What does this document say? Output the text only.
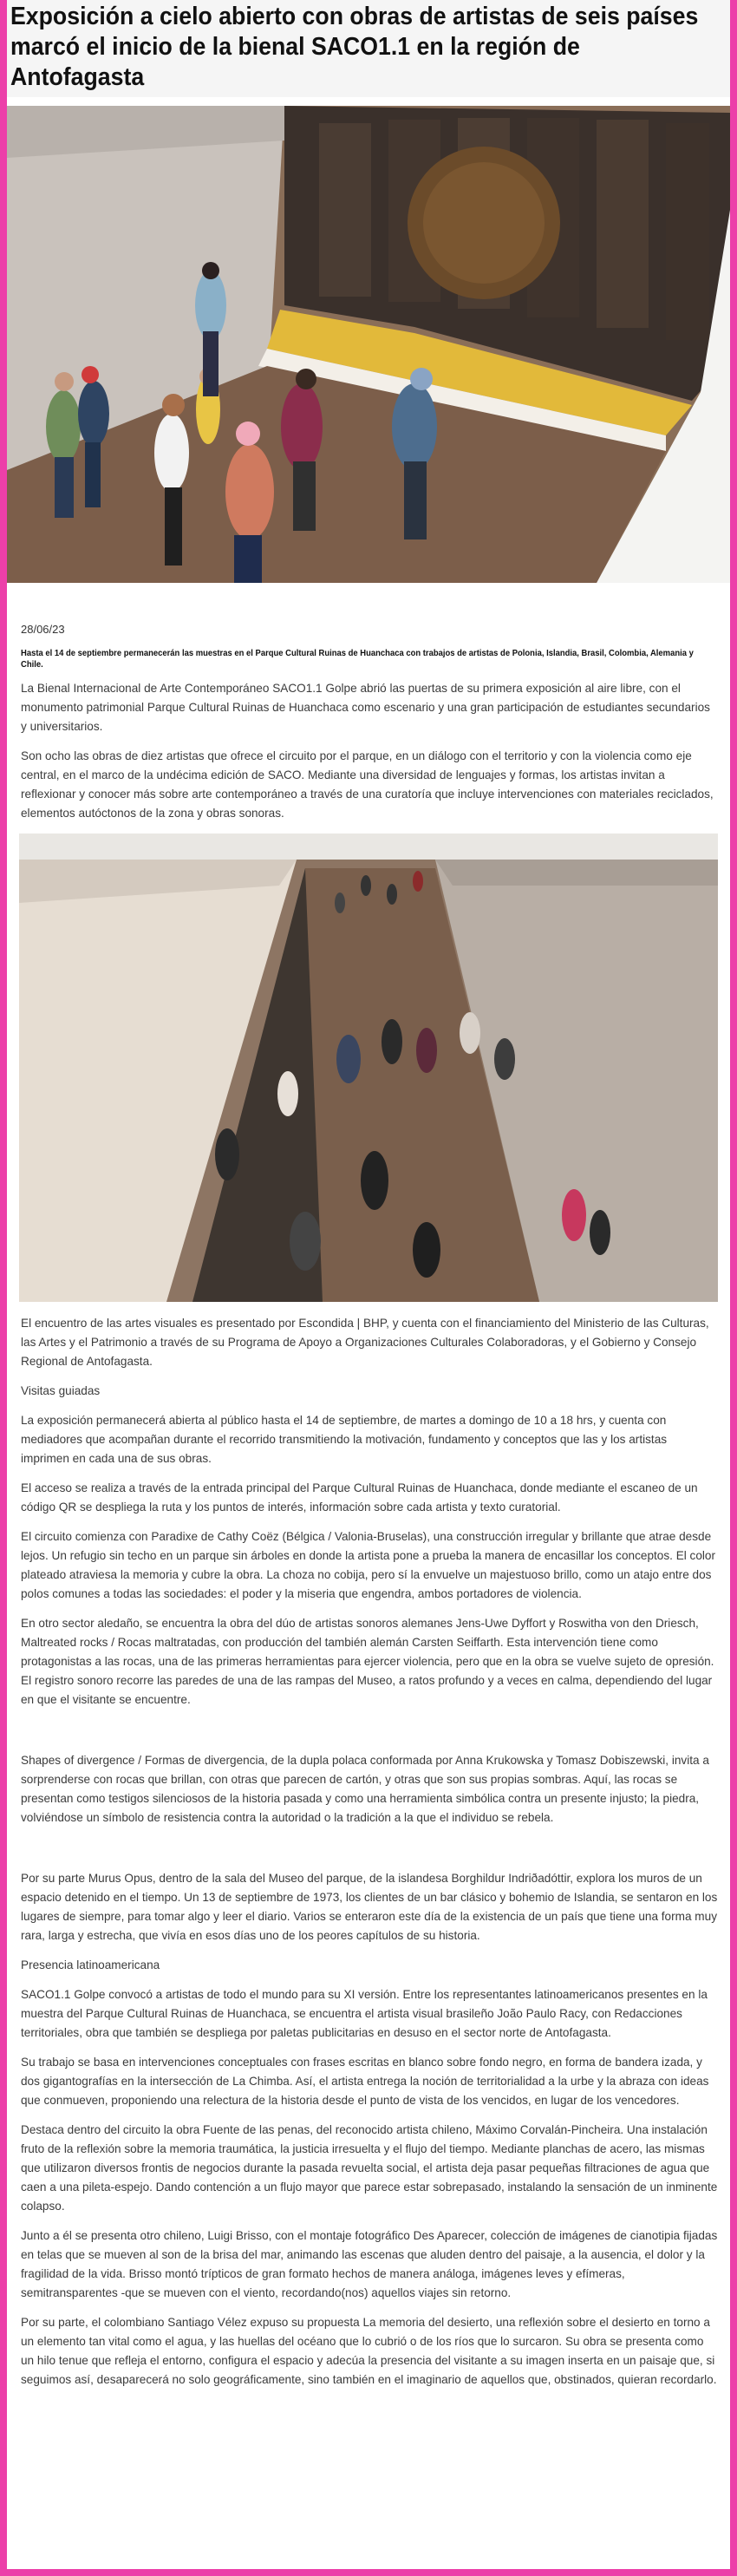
Exposición a cielo abierto con obras de artistas de seis países marcó el inicio de la bienal SACO1.1 en la región de Antofagasta
28/06/23

Hasta el 14 de septiembre permanecerán las muestras en el Parque Cultural Ruinas de Huanchaca con trabajos de artistas de Polonia, Islandia, Brasil, Colombia, Alemania y Chile.

La Bienal Internacional de Arte Contemporáneo SACO1.1 Golpe abrió las puertas de su primera exposición al aire libre, con el monumento patrimonial Parque Cultural Ruinas de Huanchaca como escenario y una gran participación de estudiantes secundarios y universitarios.

Son ocho las obras de diez artistas que ofrece el circuito por el parque, en un diálogo con el territorio y con la violencia como eje central, en el marco de la undécima edición de SACO. Mediante una diversidad de lenguajes y formas, los artistas invitan a reflexionar y conocer más sobre arte contemporáneo a través de una curatoría que incluye intervenciones con materiales reciclados, elementos autóctonos de la zona y obras sonoras.

El encuentro de las artes visuales es presentado por Escondida | BHP, y cuenta con el financiamiento del Ministerio de las Culturas, las Artes y el Patrimonio a través de su Programa de Apoyo a Organizaciones Culturales Colaboradoras, y el Gobierno y Consejo Regional de Antofagasta.

Visitas guiadas

La exposición permanecerá abierta al público hasta el 14 de septiembre, de martes a domingo de 10 a 18 hrs, y cuenta con mediadores que acompañan durante el recorrido transmitiendo la motivación, fundamento y conceptos que las y los artistas imprimen en cada una de sus obras.

El acceso se realiza a través de la entrada principal del Parque Cultural Ruinas de Huanchaca, donde mediante el escaneo de un código QR se despliega la ruta y los puntos de interés, información sobre cada artista y texto curatorial.

El circuito comienza con Paradixe de Cathy Coëz (Bélgica / Valonia-Bruselas), una construcción irregular y brillante que atrae desde lejos. Un refugio sin techo en un parque sin árboles en donde la artista pone a prueba la manera de encasillar los conceptos. El color plateado atraviesa la memoria y cubre la obra. La choza no cobija, pero sí la envuelve un majestuoso brillo, como un atajo entre dos polos comunes a todas las sociedades: el poder y la miseria que engendra, ambos portadores de violencia.

En otro sector aledaño, se encuentra la obra del dúo de artistas sonoros alemanes Jens-Uwe Dyffort y Roswitha von den Driesch, Maltreated rocks / Rocas maltratadas, con producción del también alemán Carsten Seiffarth. Esta intervención tiene como protagonistas a las rocas, una de las primeras herramientas para ejercer violencia, pero que en la obra se vuelve sujeto de opresión. El registro sonoro recorre las paredes de una de las rampas del Museo, a ratos profundo y a veces en calma, dependiendo del lugar en que el visitante se encuentre.

Shapes of divergence / Formas de divergencia, de la dupla polaca conformada por Anna Krukowska y Tomasz Dobiszewski, invita a sorprenderse con rocas que brillan, con otras que parecen de cartón, y otras que son sus propias sombras. Aquí, las rocas se presentan como testigos silenciosos de la historia pasada y como una herramienta simbólica contra un presente injusto; la piedra, volviéndose un símbolo de resistencia contra la autoridad o la tradición a la que el individuo se rebela.

Por su parte Murus Opus, dentro de la sala del Museo del parque, de la islandesa Borghildur Indriðadóttir, explora los muros de un espacio detenido en el tiempo. Un 13 de septiembre de 1973, los clientes de un bar clásico y bohemio de Islandia, se sentaron en los lugares de siempre, para tomar algo y leer el diario. Varios se enteraron este día de la existencia de un país que tiene una forma muy rara, larga y estrecha, que vivía en esos días uno de los peores capítulos de su historia.

Presencia latinoamericana

SACO1.1 Golpe convocó a artistas de todo el mundo para su XI versión. Entre los representantes latinoamericanos presentes en la muestra del Parque Cultural Ruinas de Huanchaca, se encuentra el artista visual brasileño João Paulo Racy, con Redacciones territoriales, obra que también se despliega por paletas publicitarias en desuso en el sector norte de Antofagasta.

Su trabajo se basa en intervenciones conceptuales con frases escritas en blanco sobre fondo negro, en forma de bandera izada, y dos gigantografías en la intersección de La Chimba. Así, el artista entrega la noción de territorialidad a la urbe y la abraza con ideas que conmueven, proponiendo una relectura de la historia desde el punto de vista de los vencidos, en lugar de los vencedores.

Destaca dentro del circuito la obra Fuente de las penas, del reconocido artista chileno, Máximo Corvalán-Pincheira. Una instalación fruto de la reflexión sobre la memoria traumática, la justicia irresuelta y el flujo del tiempo. Mediante planchas de acero, las mismas que utilizaron diversos frontis de negocios durante la pasada revuelta social, el artista deja pasar pequeñas filtraciones de agua que caen a una pileta-espejo. Dando contención a un flujo mayor que parece estar sobrepasado, instalando la sensación de un inminente colapso.

Junto a él se presenta otro chileno, Luigi Brisso, con el montaje fotográfico Des Aparecer, colección de imágenes de cianotipia fijadas en telas que se mueven al son de la brisa del mar, animando las escenas que aluden dentro del paisaje, a la ausencia, el dolor y la fragilidad de la vida. Brisso montó trípticos de gran formato hechos de manera análoga, imágenes leves y efímeras, semitransparentes -que se mueven con el viento, recordando(nos) aquellos viajes sin retorno.

Por su parte, el colombiano Santiago Vélez expuso su propuesta La memoria del desierto, una reflexión sobre el desierto en torno a un elemento tan vital como el agua, y las huellas del océano que lo cubrió o de los ríos que lo surcaron. Su obra se presenta como un hilo tenue que refleja el entorno, configura el espacio y adecúa la presencia del visitante a su imagen inserta en un paisaje que, si seguimos así, desaparecerá no solo geográficamente, sino también en el imaginario de aquellos que, obstinados, quieran recordarlo.
